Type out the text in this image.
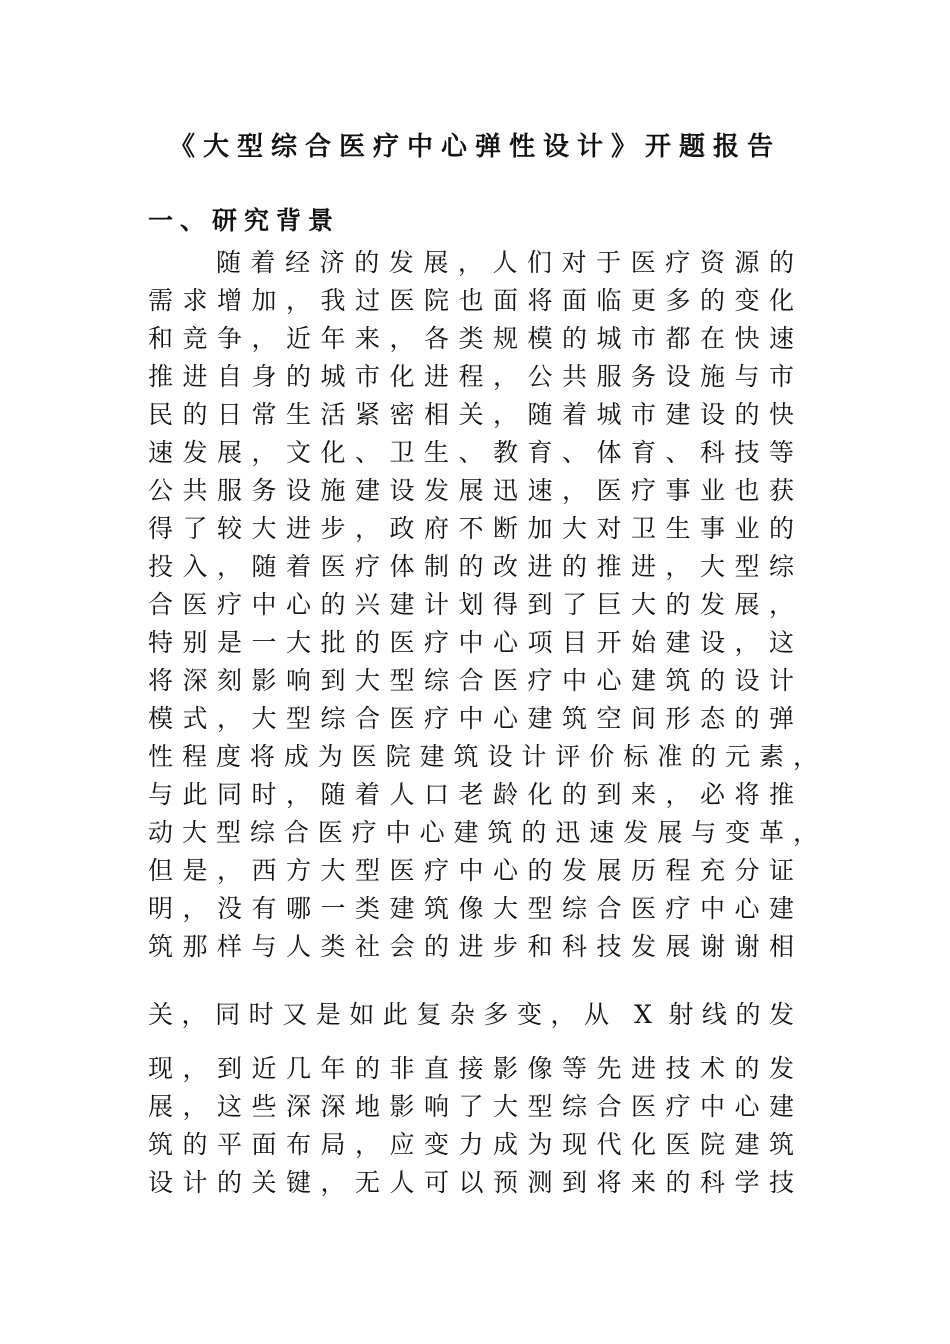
《大型综合医疗中心弹性设计》开题报告
一、研究背景
随着经济的发展，人们对于医疗资源的
需求增加，我过医院也面将面临更多的变化
和竞争，近年来，各类规模的城市都在快速
推进自身的城市化进程，公共服务设施与市
民的日常生活紧密相关，随着城市建设的快
速发展，文化、卫生、教育、体育、科技等
公共服务设施建设发展迅速，医疗事业也获
得了较大进步，政府不断加大对卫生事业的
投入，随着医疗体制的改进的推进，大型综
合医疗中心的兴建计划得到了巨大的发展，
特别是一大批的医疗中心项目开始建设，这
将深刻影响到大型综合医疗中心建筑的设计
模式，大型综合医疗中心建筑空间形态的弹
性程度将成为医院建筑设计评价标准的元素，
与此同时，随着人口老龄化的到来，必将推
动大型综合医疗中心建筑的迅速发展与变革，
但是，西方大型医疗中心的发展历程充分证
明，没有哪一类建筑像大型综合医疗中心建
筑那样与人类社会的进步和科技发展谢谢相
关，同时又是如此复杂多变，从 X 射线的发
现，到近几年的非直接影像等先进技术的发
展，这些深深地影响了大型综合医疗中心建
筑的平面布局，应变力成为现代化医院建筑
设计的关键，无人可以预测到将来的科学技
